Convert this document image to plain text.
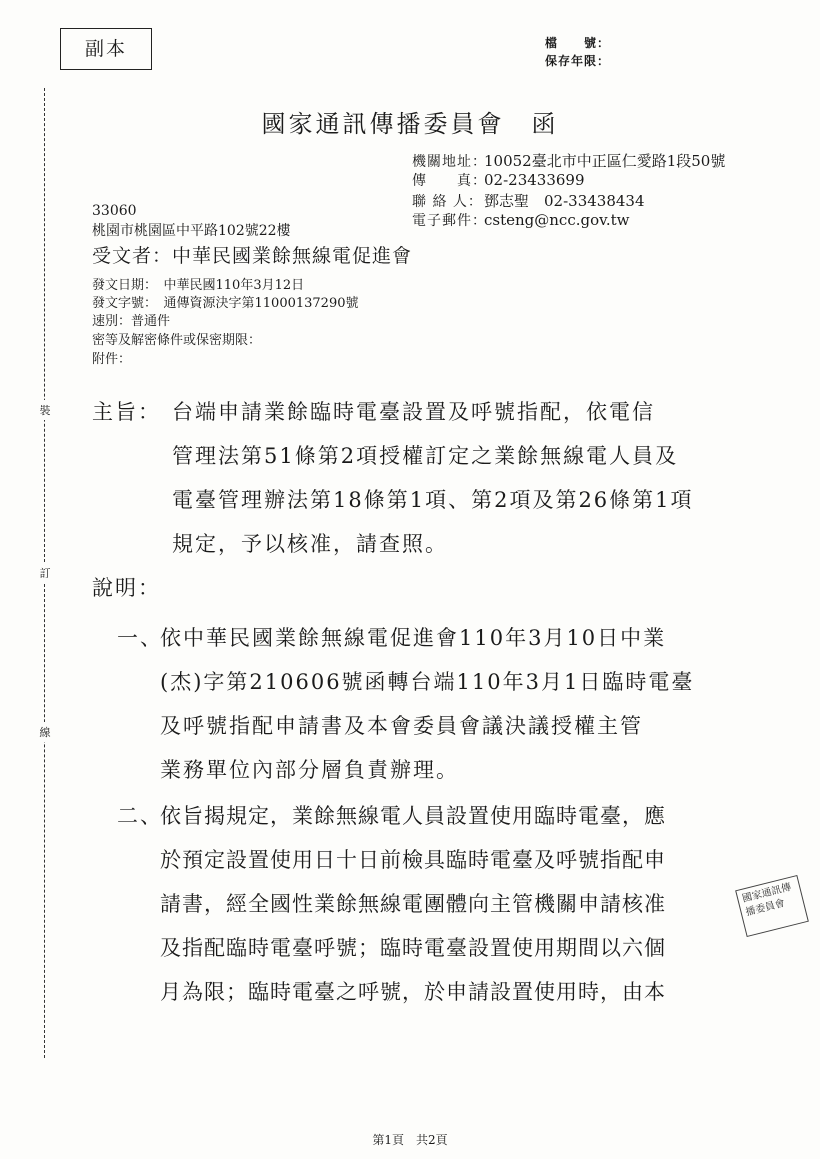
副本	檔　　號：
保存年限：
國家通訊傳播委員會　函
機關地址：10052臺北市中正區仁愛路1段50號
傳　　真：02-23433699
聯 絡 人：鄧志聖　02-33438434
電子郵件：csteng@ncc.gov.tw
33060
桃園市桃園區中平路102號22樓
受文者：中華民國業餘無線電促進會
發文日期：　中華民國110年3月12日
發文字號：　通傳資源決字第11000137290號
速別：普通件
密等及解密條件或保密期限：
附件：
主旨： 台端申請業餘臨時電臺設置及呼號指配，依電信
管理法第51條第2項授權訂定之業餘無線電人員及
電臺管理辦法第18條第1項、第2項及第26條第1項
規定，予以核准，請查照。
說明：
一、
依中華民國業餘無線電促進會110年3月10日中業
(杰)字第210606號函轉台端110年3月1日臨時電臺
及呼號指配申請書及本會委員會議決議授權主管
業務單位內部分層負責辦理。
二、
依旨揭規定，業餘無線電人員設置使用臨時電臺，應
於預定設置使用日十日前檢具臨時電臺及呼號指配申
請書，經全國性業餘無線電團體向主管機關申請核准
及指配臨時電臺呼號；臨時電臺設置使用期間以六個
月為限；臨時電臺之呼號，於申請設置使用時，由本
裝
訂
線
國家通訊傳播委員會
第1頁　共2頁
